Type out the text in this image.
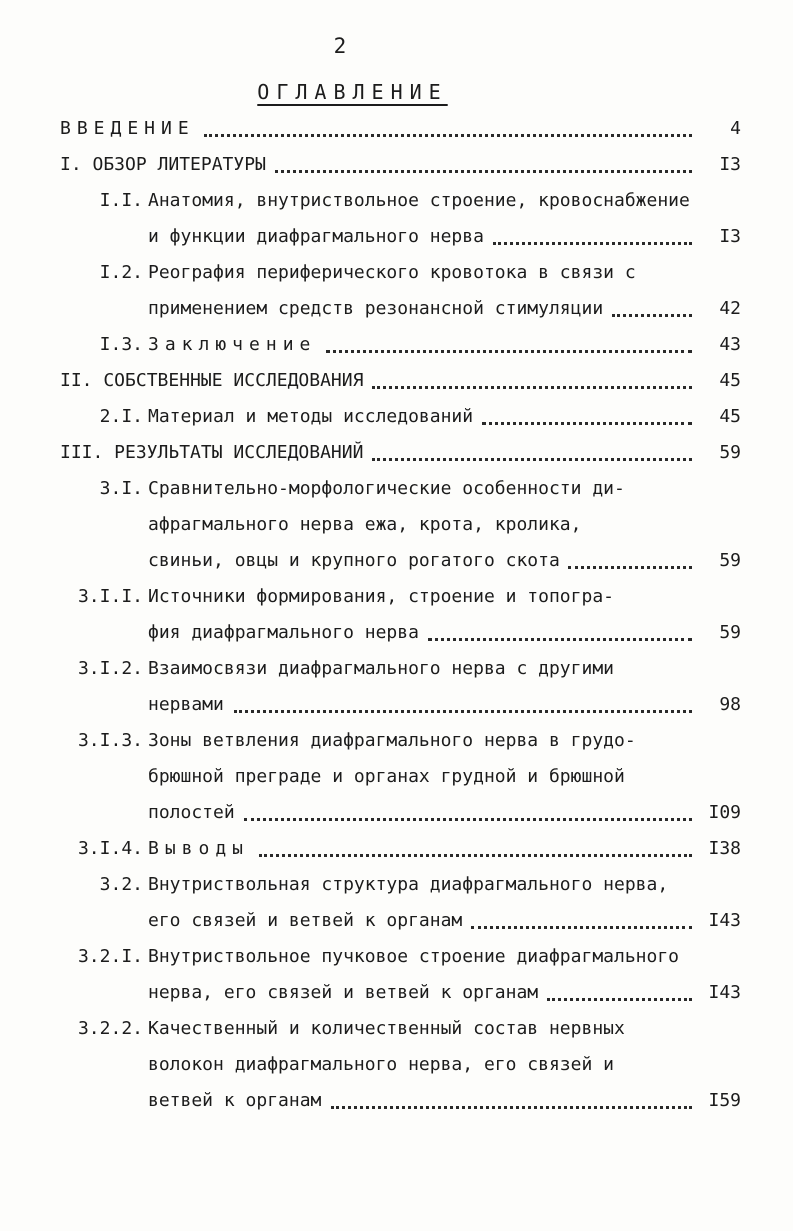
2
ОГЛАВЛЕНИЕ
ВВЕДЕНИЕ	4
I. ОБЗОР ЛИТЕРАТУРЫ	I3
I.I. Анатомия, внутриствольное строение, кровоснабжение
и функции диафрагмального нерва	I3
I.2. Реография периферического кровотока в связи с
применением средств резонансной стимуляции	42
I.3. Заключение	43
II. СОБСТВЕННЫЕ ИССЛЕДОВАНИЯ	45
2.I. Материал и методы исследований	45
III. РЕЗУЛЬТАТЫ ИССЛЕДОВАНИЙ	59
3.I. Сравнительно-морфологические особенности ди-
афрагмального нерва ежа, крота, кролика,
свиньи, овцы и крупного рогатого скота	59
3.I.I. Источники формирования, строение и топогра-
фия диафрагмального нерва	59
3.I.2. Взаимосвязи диафрагмального нерва с другими
нервами	98
3.I.3. Зоны ветвления диафрагмального нерва в грудо-
брюшной преграде и органах грудной и брюшной
полостей	I09
3.I.4. Выводы	I38
3.2. Внутриствольная структура диафрагмального нерва,
его связей и ветвей к органам	I43
3.2.I. Внутриствольное пучковое строение диафрагмального
нерва, его связей и ветвей к органам	I43
3.2.2. Качественный и количественный состав нервных
волокон диафрагмального нерва, его связей и
ветвей к органам	I59
